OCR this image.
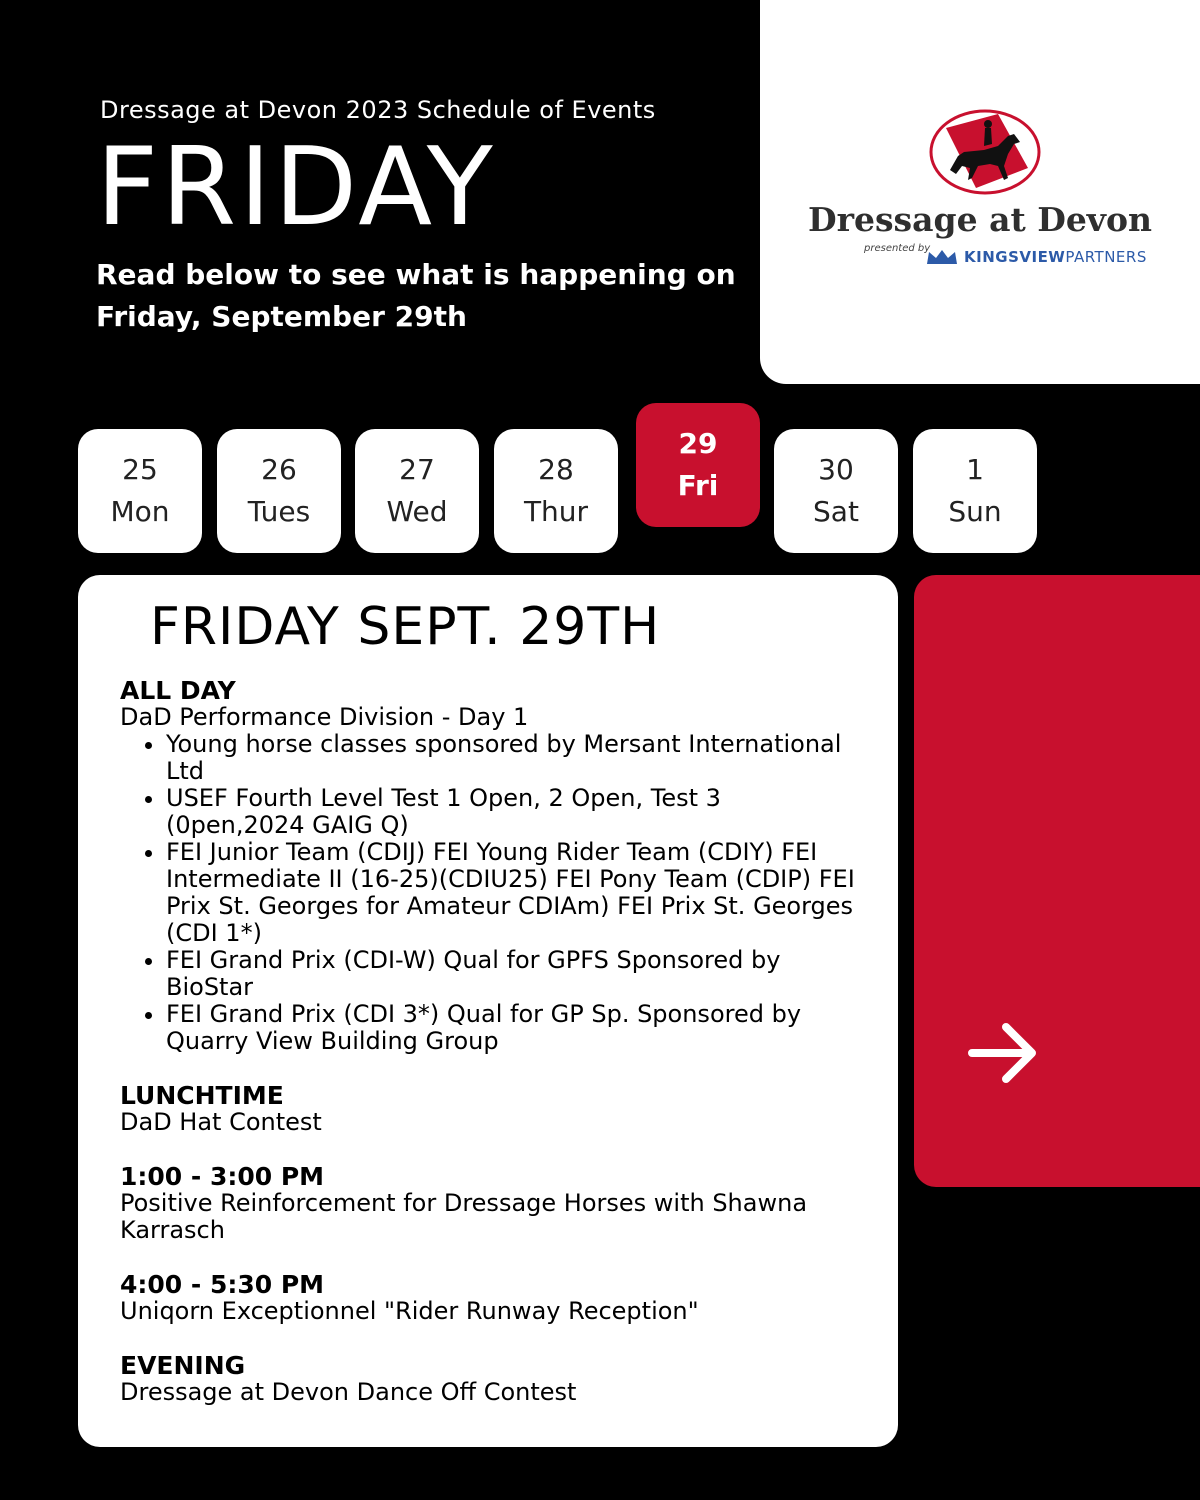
Dressage at Devon 2023 Schedule of Events
FRIDAY
Read below to see what is happening on Friday, September 29th
Dressage at Devon
presented by KINGSVIEWPARTNERS
25
Mon
26
Tues
27
Wed
28
Thur
29
Fri	30
Sat
1
Sun
FRIDAY SEPT. 29TH
ALL DAY
DaD Performance Division - Day 1
• Young horse classes sponsored by Mersant International Ltd
• USEF Fourth Level Test 1 Open, 2 Open, Test 3 (0pen,2024 GAIG Q)
• FEI Junior Team (CDIJ) FEI Young Rider Team (CDIY) FEI Intermediate II (16-25)(CDIU25) FEI Pony Team (CDIP) FEI Prix St. Georges for Amateur CDIAm) FEI Prix St. Georges (CDI 1*)
• FEI Grand Prix (CDI-W) Qual for GPFS Sponsored by BioStar
• FEI Grand Prix (CDI 3*) Qual for GP Sp. Sponsored by Quarry View Building Group
LUNCHTIME
DaD Hat Contest
1:00 - 3:00 PM
Positive Reinforcement for Dressage Horses with Shawna Karrasch
4:00 - 5:30 PM
Uniqorn Exceptionnel "Rider Runway Reception"
EVENING
Dressage at Devon Dance Off Contest
